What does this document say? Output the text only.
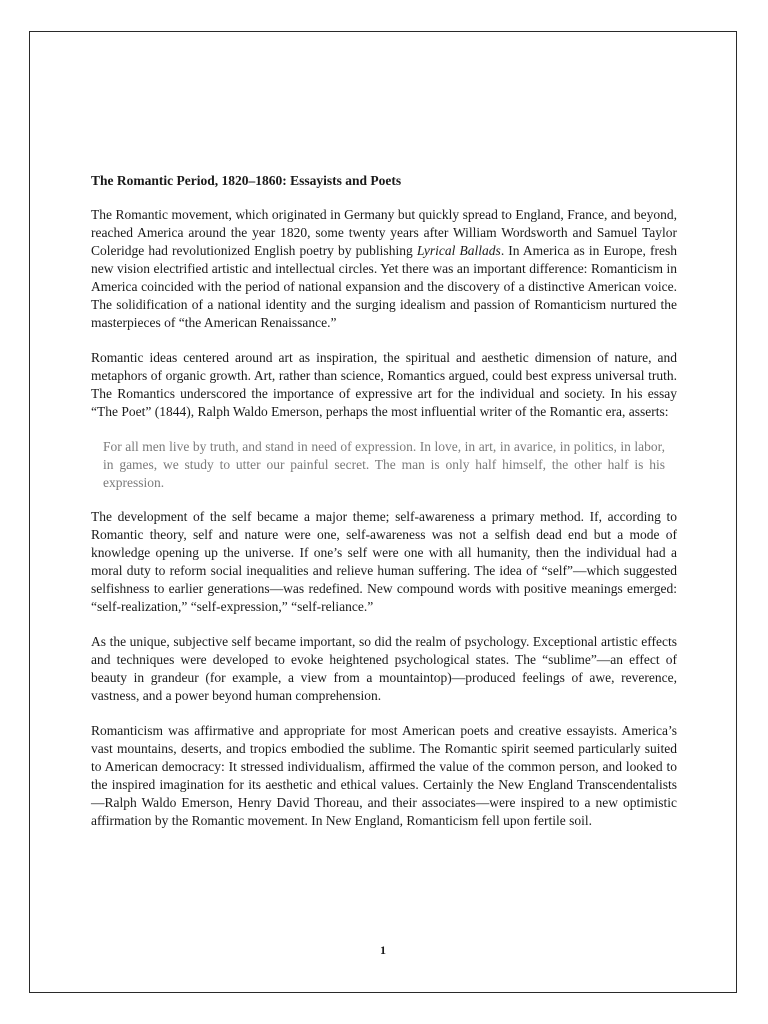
The Romantic Period, 1820–1860: Essayists and Poets

The Romantic movement, which originated in Germany but quickly spread to England, France, and beyond, reached America around the year 1820, some twenty years after William Wordsworth and Samuel Taylor Coleridge had revolutionized English poetry by publishing Lyrical Ballads. In America as in Europe, fresh new vision electrified artistic and intellectual circles. Yet there was an important difference: Romanticism in America coincided with the period of national expansion and the discovery of a distinctive American voice. The solidification of a national identity and the surging idealism and passion of Romanticism nurtured the masterpieces of “the American Renaissance.”

Romantic ideas centered around art as inspiration, the spiritual and aesthetic dimension of nature, and metaphors of organic growth. Art, rather than science, Romantics argued, could best express universal truth. The Romantics underscored the importance of expressive art for the individual and society. In his essay “The Poet” (1844), Ralph Waldo Emerson, perhaps the most influential writer of the Romantic era, asserts:

For all men live by truth, and stand in need of expression. In love, in art, in avarice, in politics, in labor, in games, we study to utter our painful secret. The man is only half himself, the other half is his expression.

The development of the self became a major theme; self-awareness a primary method. If, according to Romantic theory, self and nature were one, self-awareness was not a selfish dead end but a mode of knowledge opening up the universe. If one’s self were one with all humanity, then the individual had a moral duty to reform social inequalities and relieve human suffering. The idea of “self”—which suggested selfishness to earlier generations—was redefined. New compound words with positive meanings emerged: “self-realization,” “self-expression,” “self-reliance.”

As the unique, subjective self became important, so did the realm of psychology. Exceptional artistic effects and techniques were developed to evoke heightened psychological states. The “sublime”—an effect of beauty in grandeur (for example, a view from a mountaintop)—produced feelings of awe, reverence, vastness, and a power beyond human comprehension.

Romanticism was affirmative and appropriate for most American poets and creative essayists. America’s vast mountains, deserts, and tropics embodied the sublime. The Romantic spirit seemed particularly suited to American democracy: It stressed individualism, affirmed the value of the common person, and looked to the inspired imagination for its aesthetic and ethical values. Certainly the New England Transcendentalists—Ralph Waldo Emerson, Henry David Thoreau, and their associates—were inspired to a new optimistic affirmation by the Romantic movement. In New England, Romanticism fell upon fertile soil.

1
